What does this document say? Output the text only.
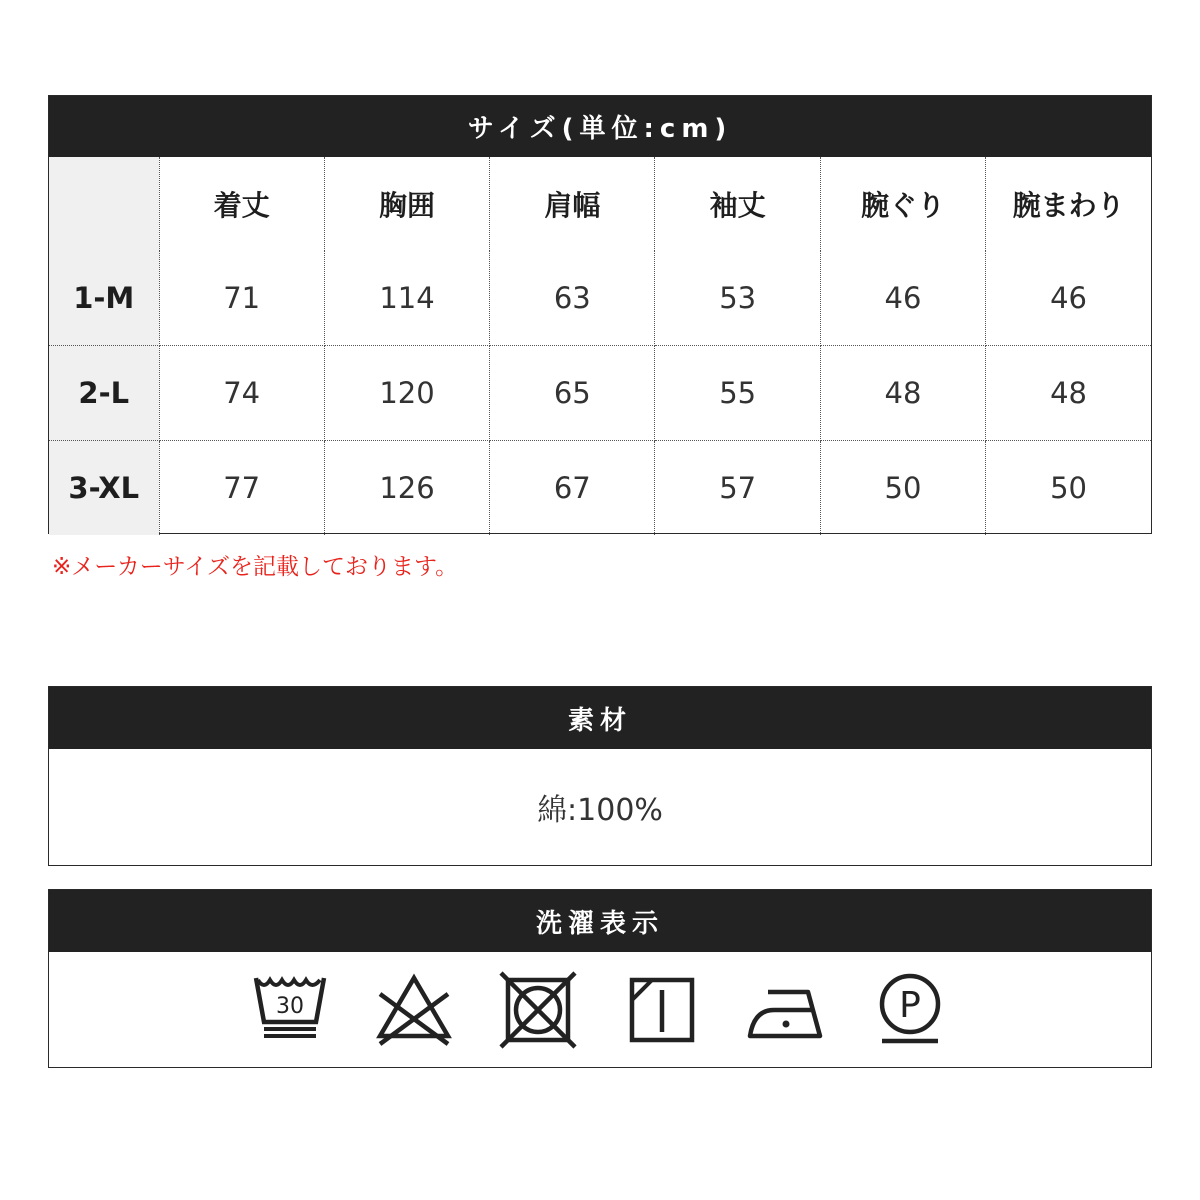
サイズ(単位:cm)
	着丈	胸囲	肩幅	袖丈	腕ぐり	腕まわり
1-M	71	114	63	53	46	46
2-L	74	120	65	55	48	48
3-XL	77	126	67	57	50	50
※メーカーサイズを記載しております。
素材
綿:100%
洗濯表示
30	P
